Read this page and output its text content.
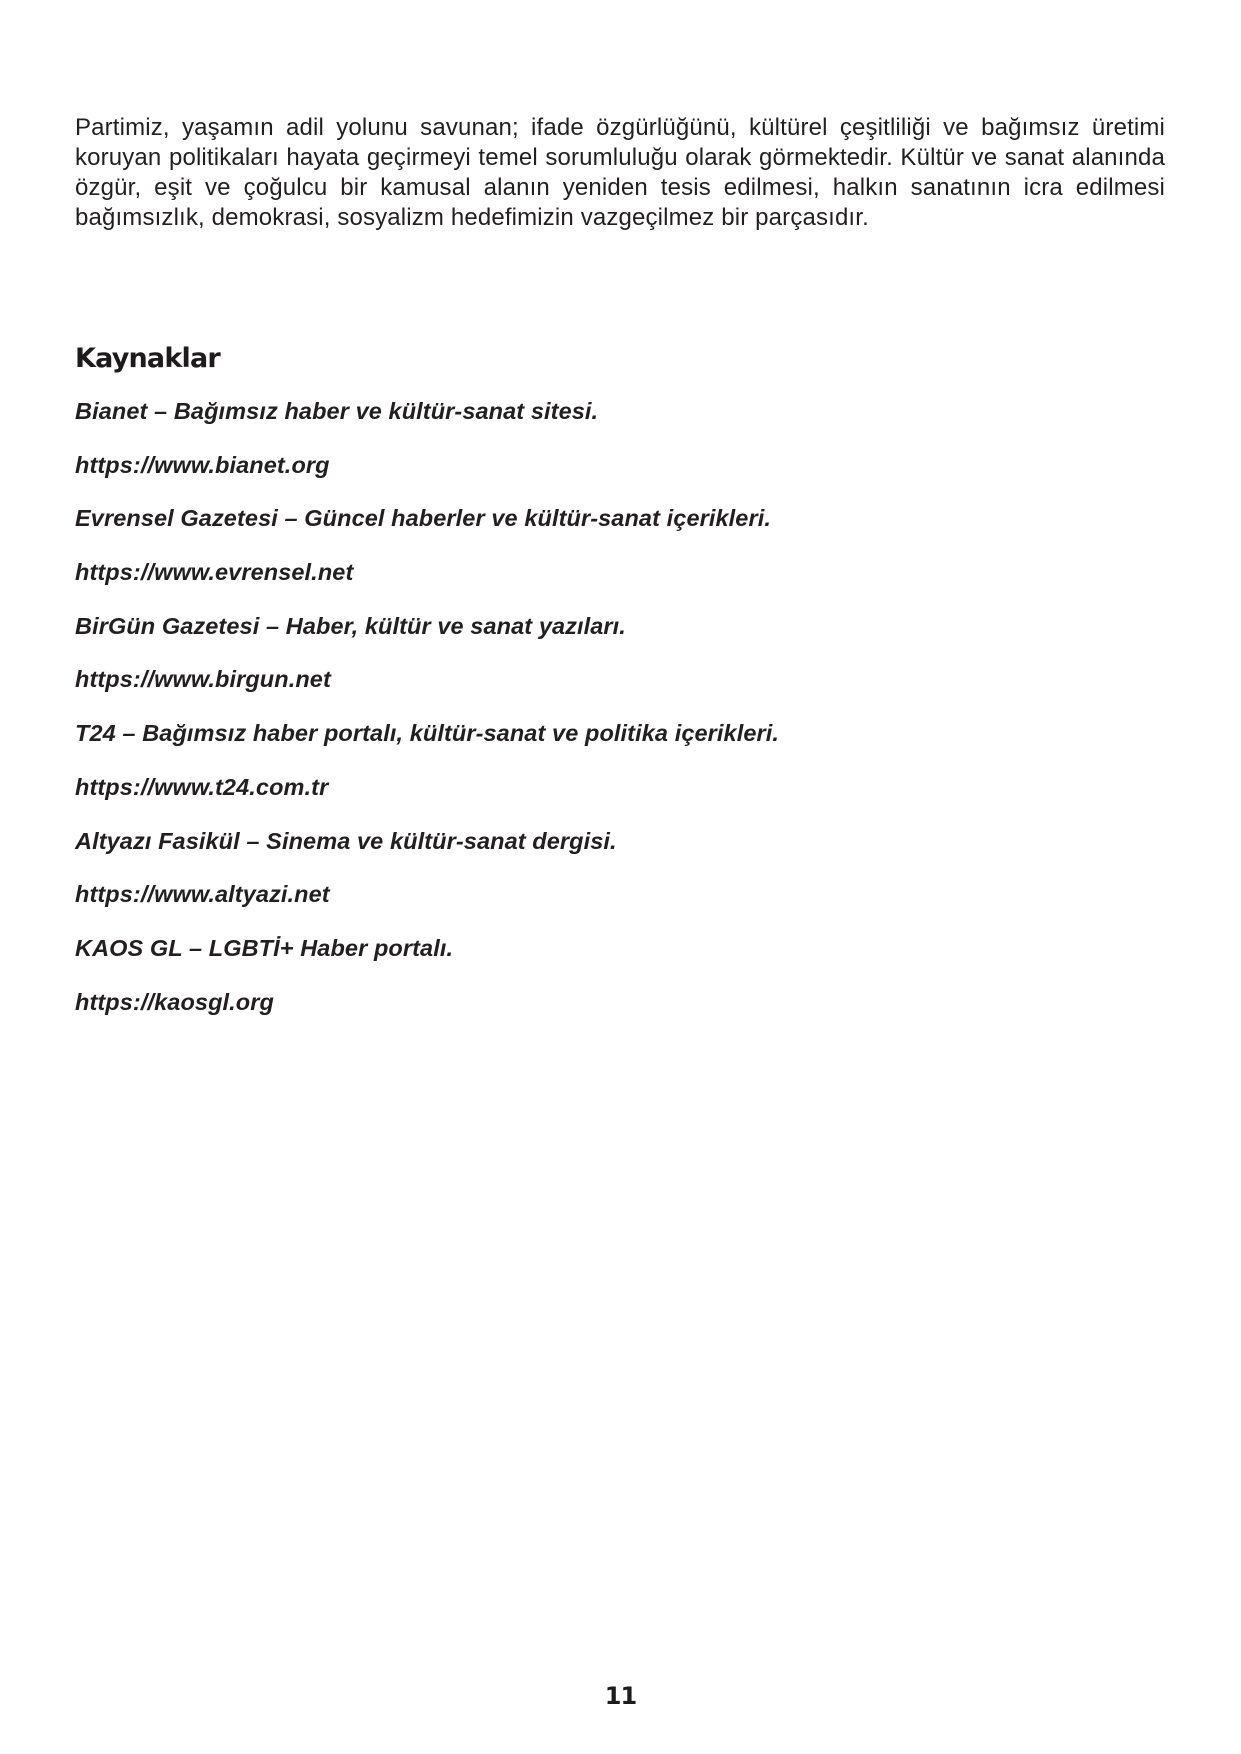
Partimiz, yaşamın adil yolunu savunan; ifade özgürlüğünü, kültürel çeşitliliği ve bağımsız üretimi koruyan politikaları hayata geçirmeyi temel sorumluluğu olarak görmektedir. Kültür ve sanat alanında özgür, eşit ve çoğulcu bir kamusal alanın yeniden tesis edilmesi, halkın sanatının icra edilmesi bağımsızlık, demokrasi, sosyalizm hedefimizin vazgeçilmez bir parçasıdır.

Kaynaklar
Bianet – Bağımsız haber ve kültür-sanat sitesi.
https://www.bianet.org
Evrensel Gazetesi – Güncel haberler ve kültür-sanat içerikleri.
https://www.evrensel.net
BirGün Gazetesi – Haber, kültür ve sanat yazıları.
https://www.birgun.net
T24 – Bağımsız haber portalı, kültür-sanat ve politika içerikleri.
https://www.t24.com.tr
Altyazı Fasikül – Sinema ve kültür-sanat dergisi.
https://www.altyazi.net
KAOS GL – LGBTİ+ Haber portalı.
https://kaosgl.org
11
